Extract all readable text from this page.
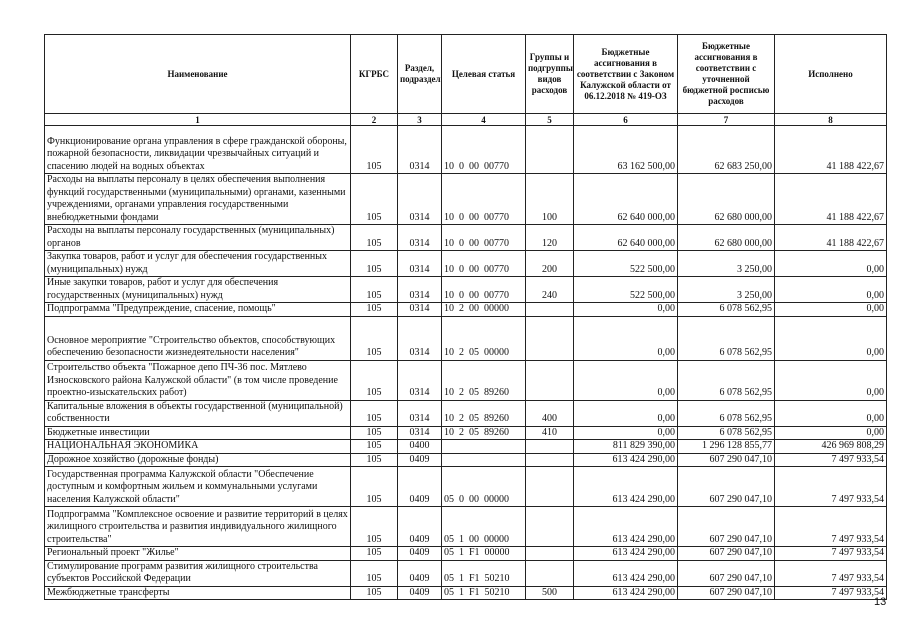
Наименование	КГРБС	Раздел, подраздел	Целевая статья	Группы и подгруппы видов расходов	Бюджетные ассигнования в соответствии с Законом Калужской области от 06.12.2018 № 419-ОЗ	Бюджетные ассигнования в соответствии с уточненной бюджетной росписью расходов	Исполнено
1	2	3	4	5	6	7	8
Функционирование органа управления в сфере гражданской обороны, пожарной безопасности, ликвидации чрезвычайных ситуаций и спасению людей на водных объектах	105	0314	10  0  00  00770		63 162 500,00	62 683 250,00	41 188 422,67
Расходы на выплаты персоналу в целях обеспечения выполнения функций государственными (муниципальными) органами, казенными учреждениями, органами управления государственными внебюджетными фондами	105	0314	10  0  00  00770	100	62 640 000,00	62 680 000,00	41 188 422,67
Расходы на выплаты персоналу государственных (муниципальных) органов	105	0314	10  0  00  00770	120	62 640 000,00	62 680 000,00	41 188 422,67
Закупка товаров, работ и услуг для обеспечения государственных (муниципальных) нужд	105	0314	10  0  00  00770	200	522 500,00	3 250,00	0,00
Иные закупки товаров, работ и услуг для обеспечения государственных (муниципальных) нужд	105	0314	10  0  00  00770	240	522 500,00	3 250,00	0,00
Подпрограмма "Предупреждение, спасение, помощь"	105	0314	10  2  00  00000		0,00	6 078 562,95	0,00
Основное мероприятие "Строительство объектов, способствующих обеспечению безопасности жизнедеятельности населения"	105	0314	10  2  05  00000		0,00	6 078 562,95	0,00
Строительство объекта "Пожарное депо ПЧ-36 пос. Мятлево Износковского района Калужской области" (в том числе проведение проектно-изыскательских работ)	105	0314	10  2  05  89260		0,00	6 078 562,95	0,00
Капитальные вложения в объекты государственной (муниципальной) собственности	105	0314	10  2  05  89260	400	0,00	6 078 562,95	0,00
Бюджетные инвестиции	105	0314	10  2  05  89260	410	0,00	6 078 562,95	0,00
НАЦИОНАЛЬНАЯ ЭКОНОМИКА	105	0400			811 829 390,00	1 296 128 855,77	426 969 808,29
Дорожное хозяйство (дорожные фонды)	105	0409			613 424 290,00	607 290 047,10	7 497 933,54
Государственная программа Калужской области "Обеспечение доступным и комфортным жильем и коммунальными услугами населения Калужской области"	105	0409	05  0  00  00000		613 424 290,00	607 290 047,10	7 497 933,54
Подпрограмма "Комплексное освоение и развитие территорий в целях жилищного строительства и развития индивидуального жилищного строительства"	105	0409	05  1  00  00000		613 424 290,00	607 290 047,10	7 497 933,54
Региональный проект "Жилье"	105	0409	05  1  F1  00000		613 424 290,00	607 290 047,10	7 497 933,54
Стимулирование программ развития жилищного строительства субъектов Российской Федерации	105	0409	05  1  F1  50210		613 424 290,00	607 290 047,10	7 497 933,54
Межбюджетные трансферты	105	0409	05  1  F1  50210	500	613 424 290,00	607 290 047,10	7 497 933,54
13
